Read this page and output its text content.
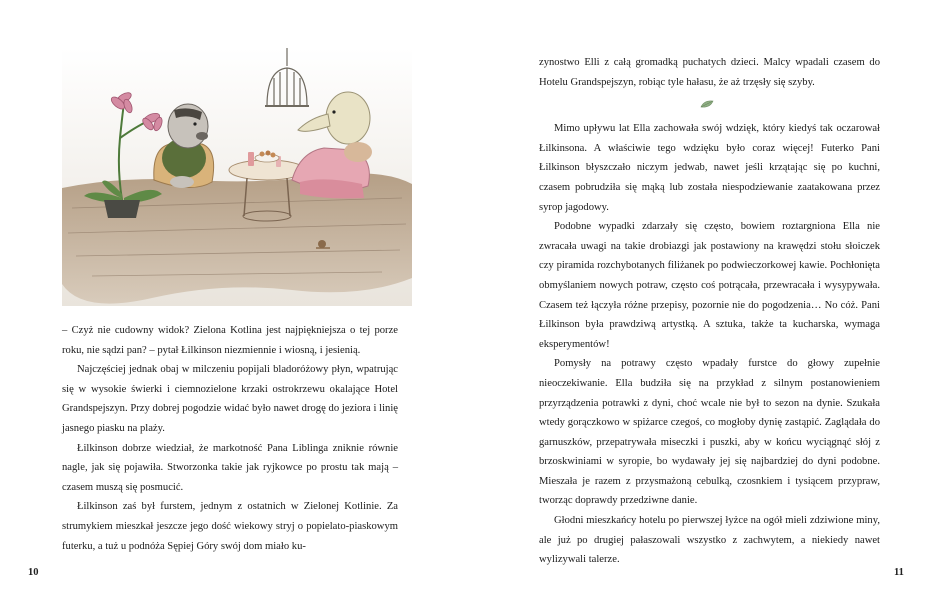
– Czyż nie cudowny widok? Zielona Kotlina jest najpiękniejsza o tej porze roku, nie sądzi pan? – pytał Łilkinson niezmiennie i wiosną, i jesienią.

Najczęściej jednak obaj w milczeniu popijali bladoróżowy płyn, wpatrując się w wysokie świerki i ciemnozielone krzaki ostrokrzewu okalające Hotel Grandspejszyn. Przy dobrej pogodzie widać było nawet drogę do jeziora i linię jasnego piasku na plaży.

Łilkinson dobrze wiedział, że markotność Pana Liblinga zniknie równie nagle, jak się pojawiła. Stworzonka takie jak ryjkowce po prostu tak mają – czasem muszą się posmucić.

Łilkinson zaś był furstem, jednym z ostatnich w Zielonej Kotlinie. Za strumykiem mieszkał jeszcze jego dość wiekowy stryj o popielato-piaskowym futerku, a tuż u podnóża Sępiej Góry swój dom miało ku-

10

zynostwo Elli z całą gromadką puchatych dzieci. Malcy wpadali czasem do Hotelu Grandspejszyn, robiąc tyle hałasu, że aż trzęsły się szyby.

Mimo upływu lat Ella zachowała swój wdzięk, który kiedyś tak oczarował Łilkinsona. A właściwie tego wdzięku było coraz więcej! Futerko Pani Łilkinson błyszczało niczym jedwab, nawet jeśli krzątając się po kuchni, czasem pobrudziła się mąką lub została niespodziewanie zaatakowana przez syrop jagodowy.

Podobne wypadki zdarzały się często, bowiem roztargniona Ella nie zwracała uwagi na takie drobiazgi jak postawiony na krawędzi stołu słoiczek czy piramida rozchybotanych filiżanek po podwieczorkowej kawie. Pochłonięta obmyślaniem nowych potraw, często coś potrącała, przewracała i wysypywała. Czasem też łączyła różne przepisy, pozornie nie do pogodzenia… No cóż. Pani Łilkinson była prawdziwą artystką. A sztuka, także ta kucharska, wymaga eksperymentów!

Pomysły na potrawy często wpadały furstce do głowy zupełnie nieoczekiwanie. Ella budziła się na przykład z silnym postanowieniem przyrządzenia potrawki z dyni, choć wcale nie był to sezon na dynie. Szukała wtedy gorączkowo w spiżarce czegoś, co mogłoby dynię zastąpić. Zaglądała do garnuszków, przepatrywała miseczki i puszki, aby w końcu wyciągnąć słój z brzoskwiniami w syropie, bo wydawały jej się najbardziej do dyni podobne. Mieszała je razem z przysmażoną cebulką, czosnkiem i tysiącem przypraw, tworząc doprawdy przedziwne danie.

Głodni mieszkańcy hotelu po pierwszej łyżce na ogół mieli zdziwione miny, ale już po drugiej pałaszowali wszystko z zachwytem, a niekiedy nawet wylizywali talerze.

11
